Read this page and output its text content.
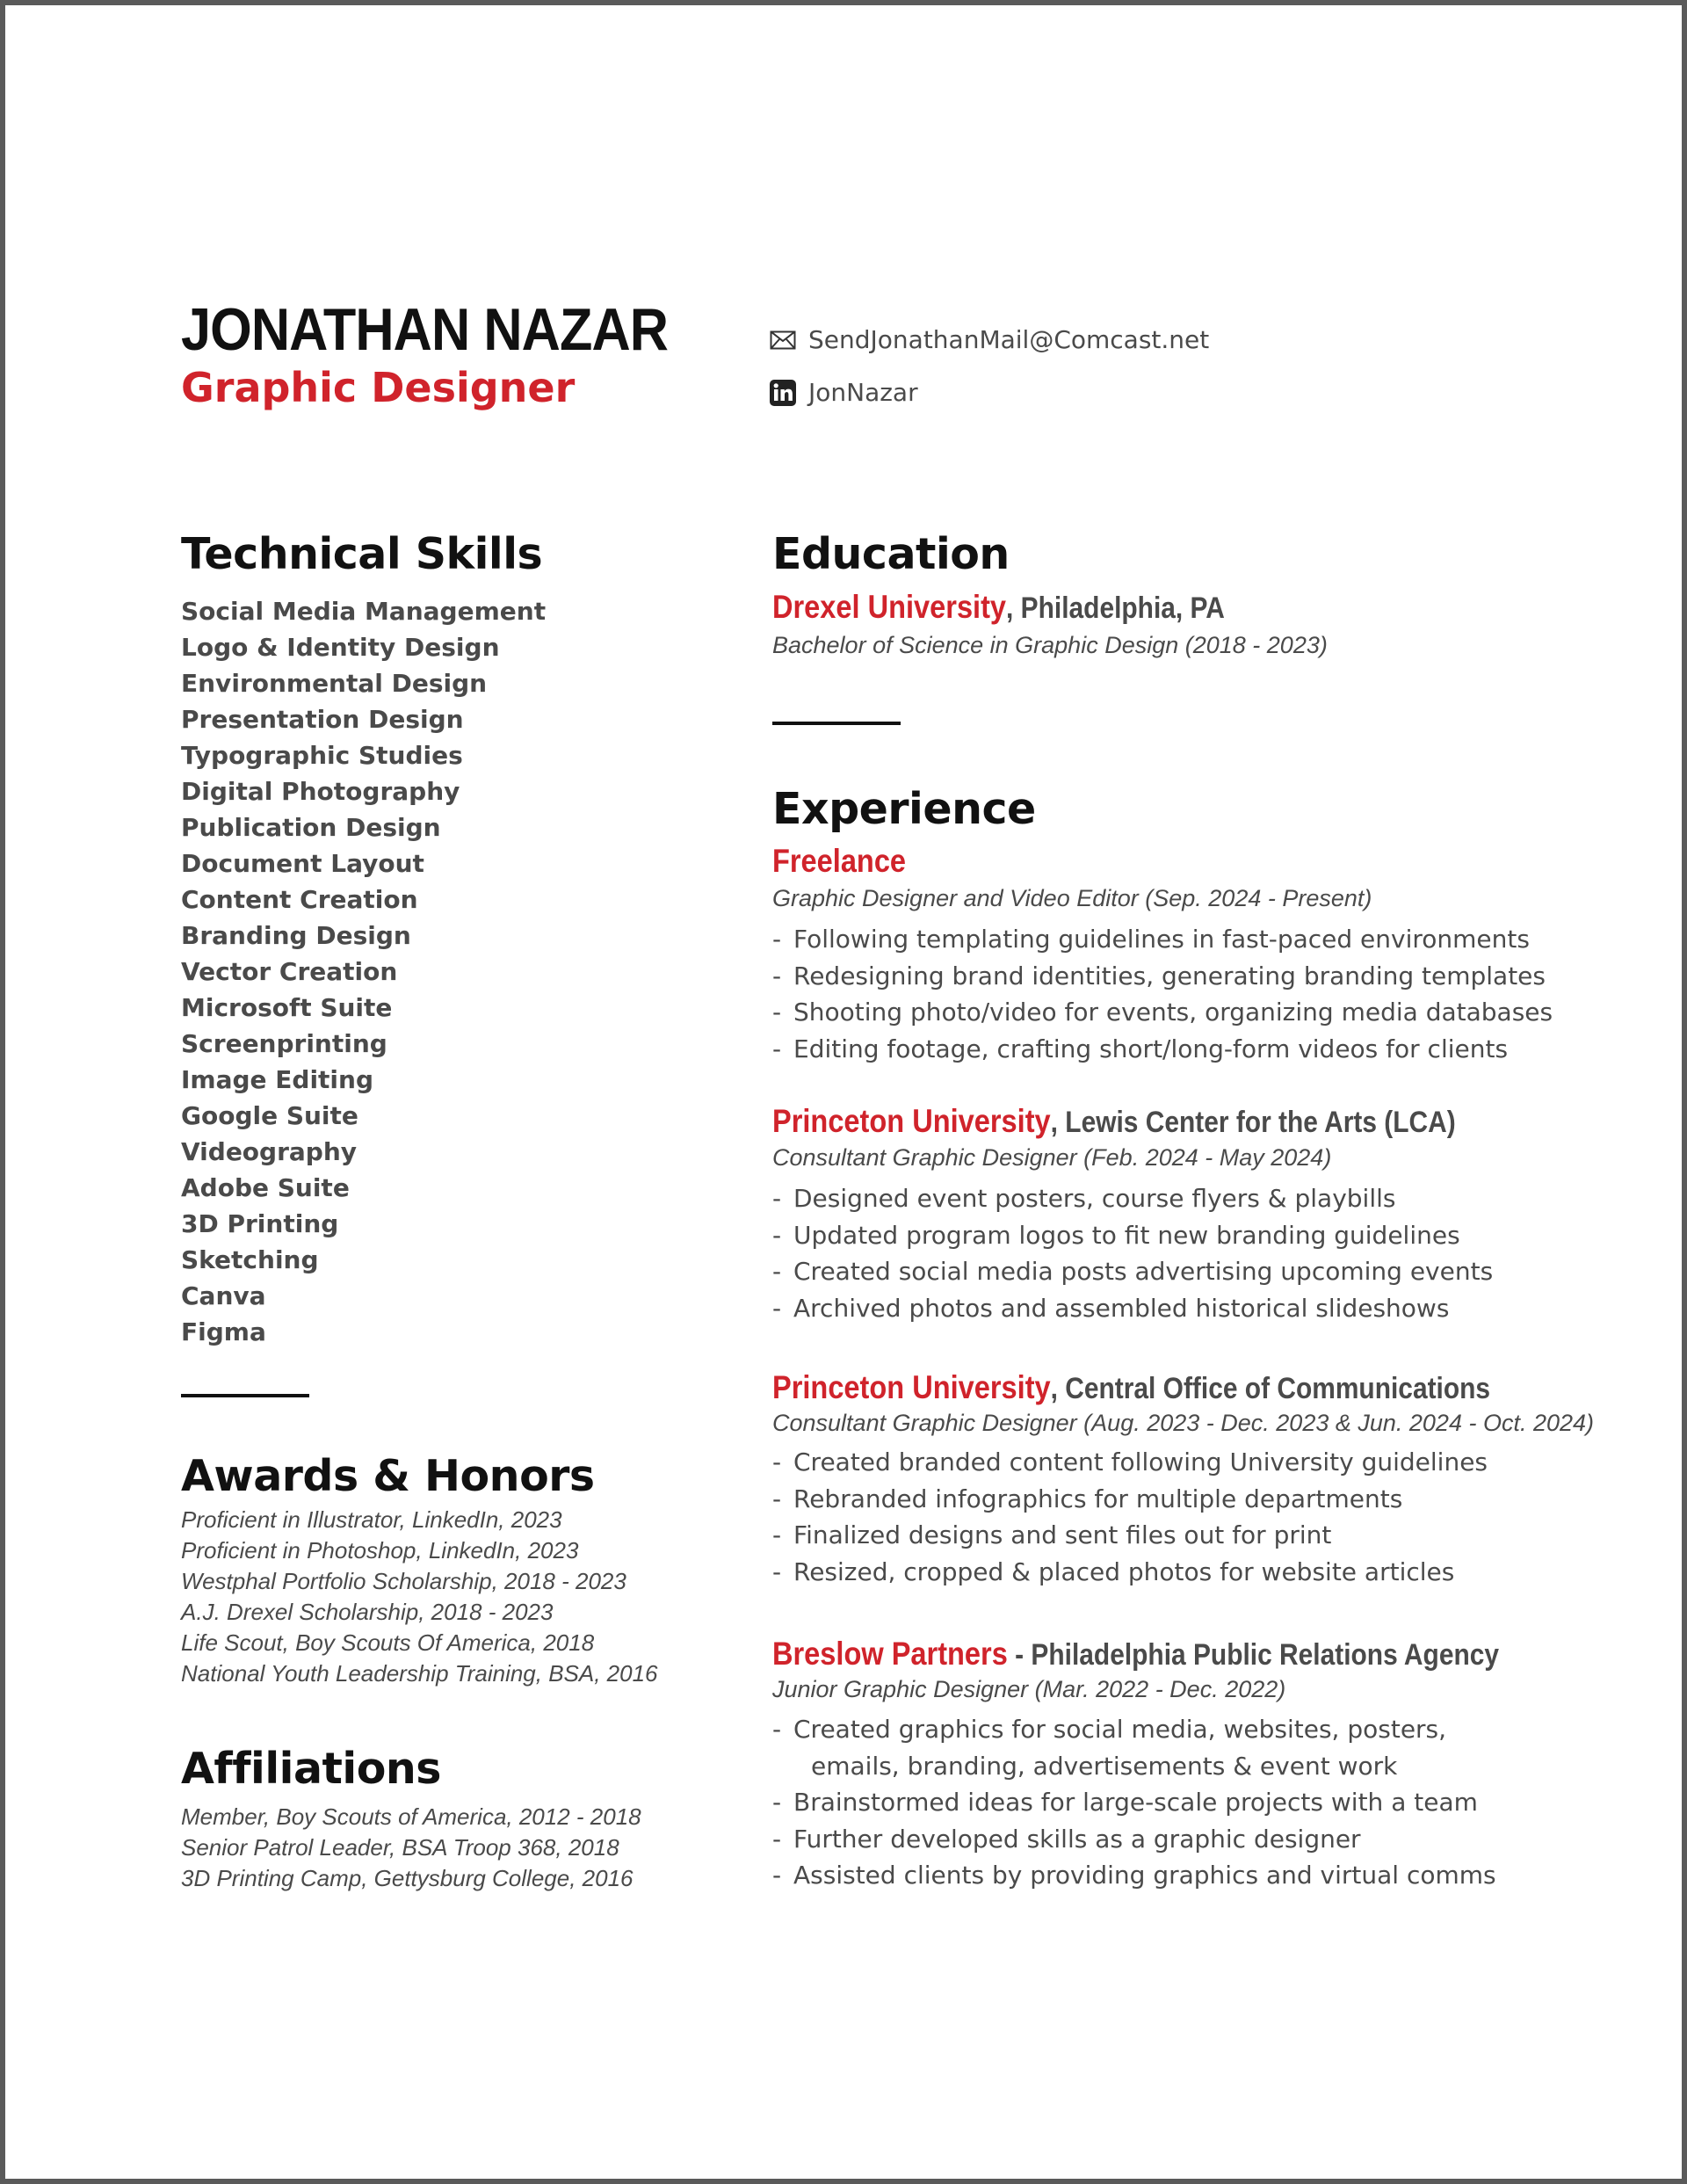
JONATHAN NAZAR
Graphic Designer
SendJonathanMail@Comcast.net
JonNazar
Technical Skills
Social Media Management
Logo & Identity Design
Environmental Design
Presentation Design
Typographic Studies
Digital Photography
Publication Design
Document Layout
Content Creation
Branding Design
Vector Creation
Microsoft Suite
Screenprinting
Image Editing
Google Suite
Videography
Adobe Suite
3D Printing
Sketching
Canva
Figma
Awards & Honors
Proficient in Illustrator, LinkedIn, 2023
Proficient in Photoshop, LinkedIn, 2023
Westphal Portfolio Scholarship, 2018 - 2023
A.J. Drexel Scholarship, 2018 - 2023
Life Scout, Boy Scouts Of America, 2018
National Youth Leadership Training, BSA, 2016
Affiliations
Member, Boy Scouts of America, 2012 - 2018
Senior Patrol Leader, BSA Troop 368, 2018
3D Printing Camp, Gettysburg College, 2016
Education
Drexel University, Philadelphia, PA
Bachelor of Science in Graphic Design (2018 - 2023)
Experience
Freelance
Graphic Designer and Video Editor (Sep. 2024 - Present)
- Following templating guidelines in fast-paced environments
- Redesigning brand identities, generating branding templates
- Shooting photo/video for events, organizing media databases
- Editing footage, crafting short/long-form videos for clients
Princeton University, Lewis Center for the Arts (LCA)
Consultant Graphic Designer (Feb. 2024 - May 2024)
- Designed event posters, course flyers & playbills
- Updated program logos to fit new branding guidelines
- Created social media posts advertising upcoming events
- Archived photos and assembled historical slideshows
Princeton University, Central Office of Communications
Consultant Graphic Designer (Aug. 2023 - Dec. 2023 & Jun. 2024 - Oct. 2024)
- Created branded content following University guidelines
- Rebranded infographics for multiple departments
- Finalized designs and sent files out for print
- Resized, cropped & placed photos for website articles
Breslow Partners - Philadelphia Public Relations Agency
Junior Graphic Designer (Mar. 2022 - Dec. 2022)
- Created graphics for social media, websites, posters,
emails, branding, advertisements & event work
- Brainstormed ideas for large-scale projects with a team
- Further developed skills as a graphic designer
- Assisted clients by providing graphics and virtual comms
